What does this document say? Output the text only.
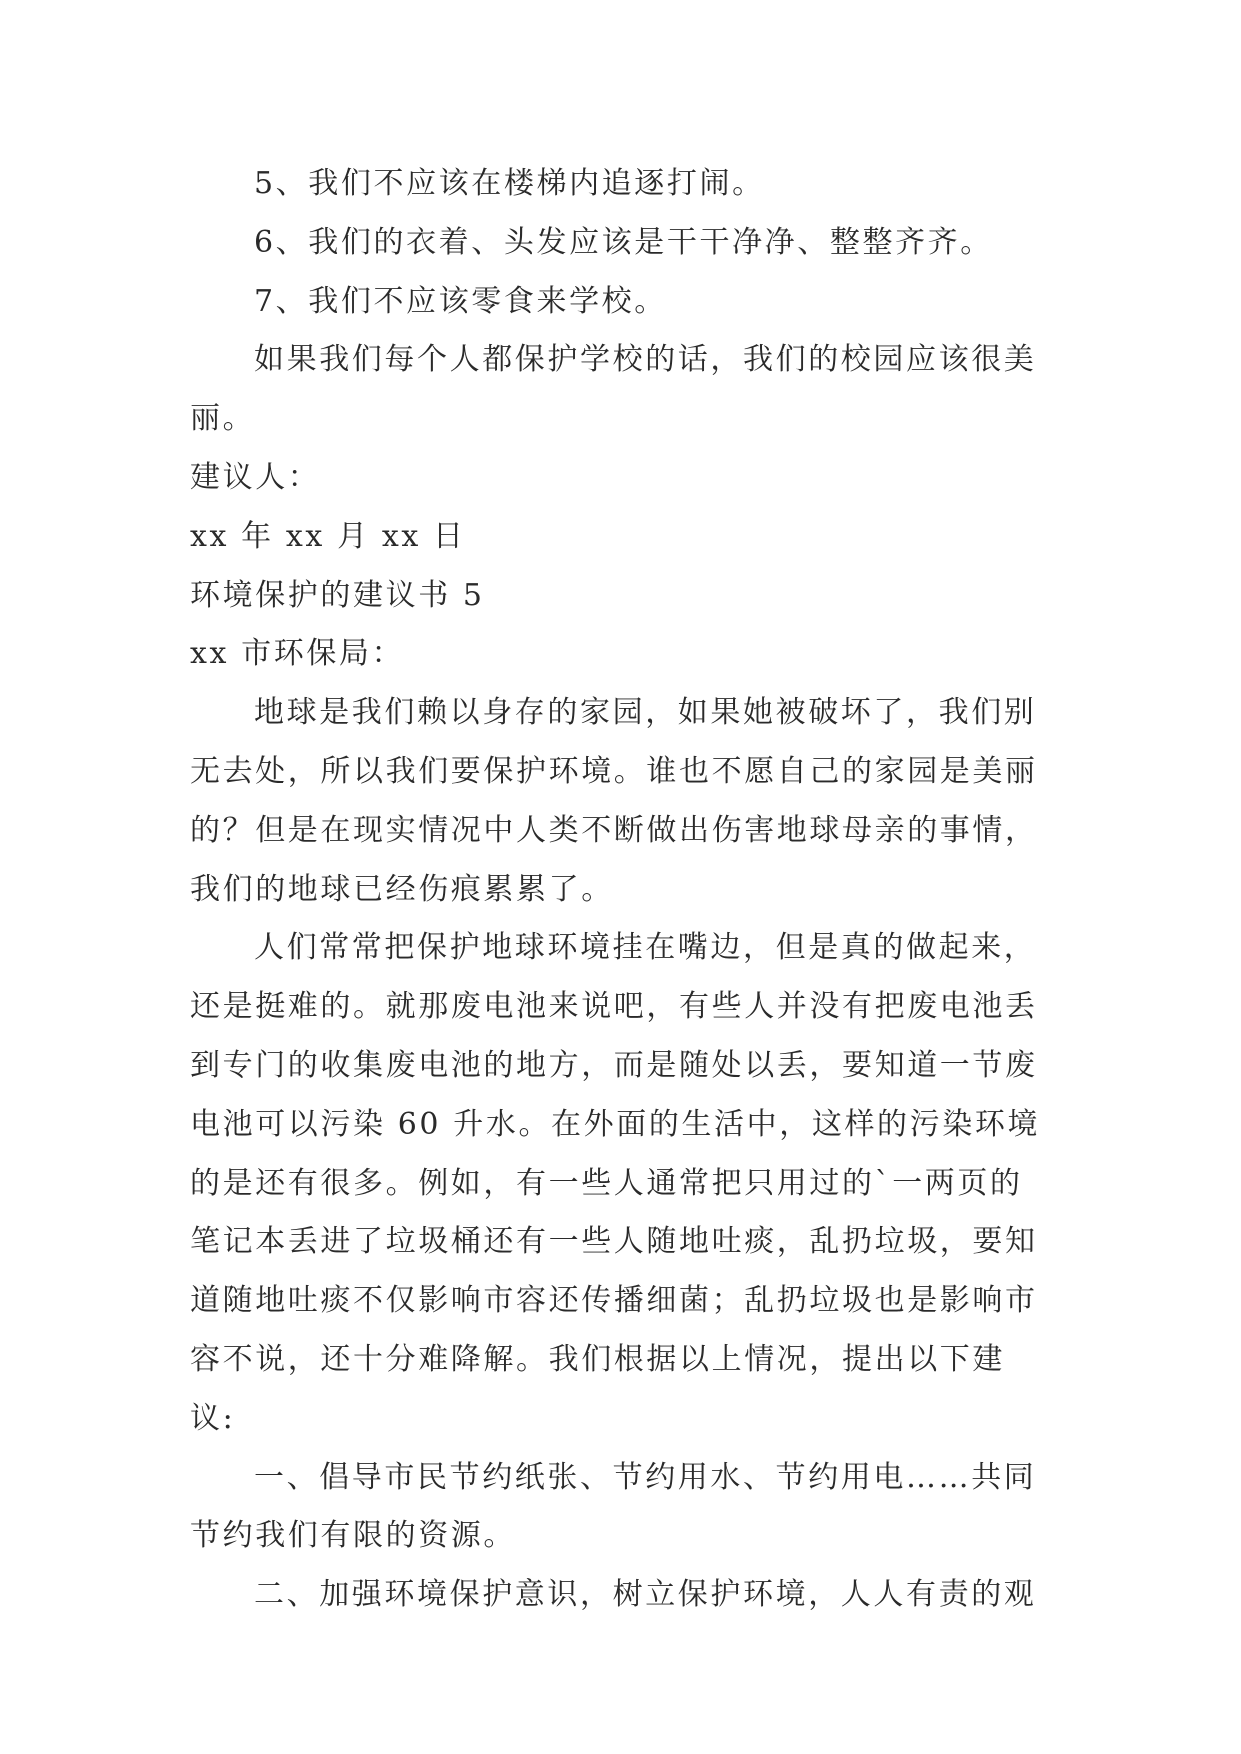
5、我们不应该在楼梯内追逐打闹。

6、我们的衣着、头发应该是干干净净、整整齐齐。

7、我们不应该零食来学校。

如果我们每个人都保护学校的话，我们的校园应该很美丽。

建议人：

xx 年 xx 月 xx 日

环境保护的建议书 5

xx 市环保局：

地球是我们赖以身存的家园，如果她被破坏了，我们别无去处，所以我们要保护环境。谁也不愿自己的家园是美丽的？但是在现实情况中人类不断做出伤害地球母亲的事情，我们的地球已经伤痕累累了。

人们常常把保护地球环境挂在嘴边，但是真的做起来，还是挺难的。就那废电池来说吧，有些人并没有把废电池丢到专门的收集废电池的地方，而是随处以丢，要知道一节废电池可以污染 60 升水。在外面的生活中，这样的污染环境的是还有很多。例如，有一些人通常把只用过的`一两页的笔记本丢进了垃圾桶还有一些人随地吐痰，乱扔垃圾，要知道随地吐痰不仅影响市容还传播细菌；乱扔垃圾也是影响市容不说，还十分难降解。我们根据以上情况，提出以下建议:

一、倡导市民节约纸张、节约用水、节约用电……共同节约我们有限的资源。

二、加强环境保护意识，树立保护环境，人人有责的观
